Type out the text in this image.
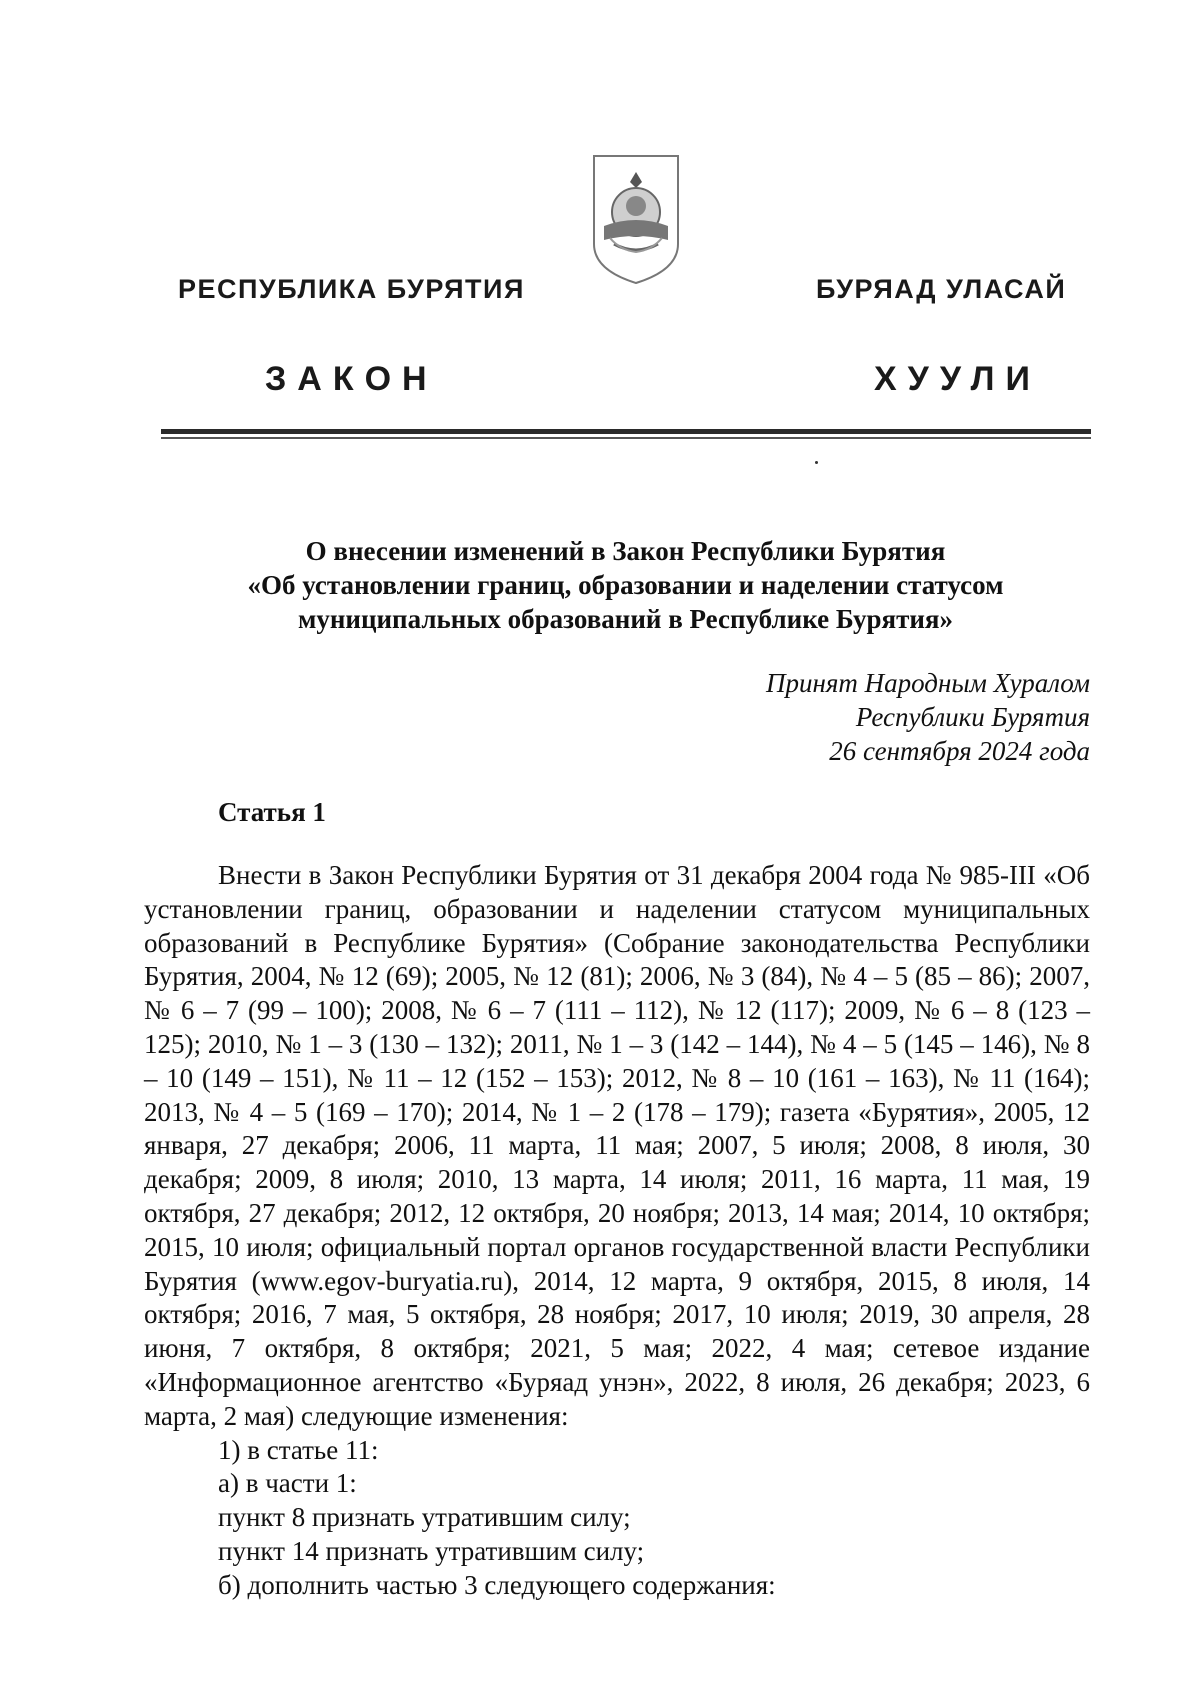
РЕСПУБЛИКА БУРЯТИЯ	БУРЯАД УЛАСАЙ
ЗАКОН	ХУУЛИ
О внесении изменений в Закон Республики Бурятия
«Об установлении границ, образовании и наделении статусом
муниципальных образований в Республике Бурятия»
Принят Народным Хуралом
Республики Бурятия
26 сентября 2024 года
Статья 1

Внести в Закон Республики Бурятия от 31 декабря 2004 года № 985-III «Об установлении границ, образовании и наделении статусом муниципальных образований в Республике Бурятия» (Собрание законодательства Республики Бурятия, 2004, № 12 (69); 2005, № 12 (81); 2006, № 3 (84), № 4 – 5 (85 – 86); 2007, № 6 – 7 (99 – 100); 2008, № 6 – 7 (111 – 112), № 12 (117); 2009, № 6 – 8 (123 – 125); 2010, № 1 – 3 (130 – 132); 2011, № 1 – 3 (142 – 144), № 4 – 5 (145 – 146), № 8 – 10 (149 – 151), № 11 – 12 (152 – 153); 2012, № 8 – 10 (161 – 163), № 11 (164); 2013, № 4 – 5 (169 – 170); 2014, № 1 – 2 (178 – 179); газета «Бурятия», 2005, 12 января, 27 декабря; 2006, 11 марта, 11 мая; 2007, 5 июля; 2008, 8 июля, 30 декабря; 2009, 8 июля; 2010, 13 марта, 14 июля; 2011, 16 марта, 11 мая, 19 октября, 27 декабря; 2012, 12 октября, 20 ноября; 2013, 14 мая; 2014, 10 октября; 2015, 10 июля; официальный портал органов государственной власти Республики Бурятия (www.egov-buryatia.ru), 2014, 12 марта, 9 октября, 2015, 8 июля, 14 октября; 2016, 7 мая, 5 октября, 28 ноября; 2017, 10 июля; 2019, 30 апреля, 28 июня, 7 октября, 8 октября; 2021, 5 мая; 2022, 4 мая; сетевое издание «Информационное агентство «Буряад унэн», 2022, 8 июля, 26 декабря; 2023, 6 марта, 2 мая) следующие изменения:

1) в статье 11:

а) в части 1:

пункт 8 признать утратившим силу;

пункт 14 признать утратившим силу;

б) дополнить частью 3 следующего содержания:
